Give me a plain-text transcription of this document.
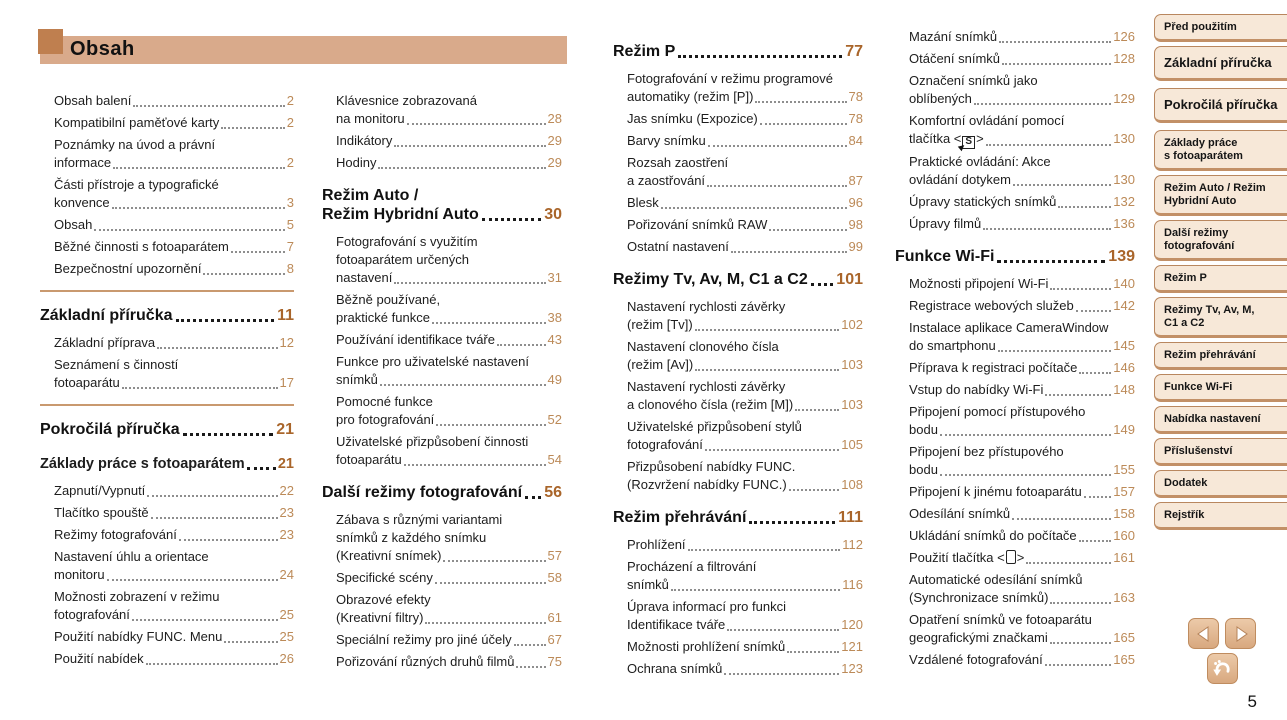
Obsah
Obsah balení	2
Kompatibilní paměťové karty	2
Poznámky na úvod a právní
informace	2
Části přístroje a typografické
konvence	3
Obsah	5
Běžné činnosti s fotoaparátem	7
Bezpečnostní upozornění	8
Základní příručka	11
Základní příprava	12
Seznámení s činností
fotoaparátu	17
Pokročilá příručka	21
Základy práce s fotoaparátem 21
Zapnutí/Vypnutí	22
Tlačítko spouště	23
Režimy fotografování	23
Nastavení úhlu a orientace
monitoru	24
Možnosti zobrazení v režimu
fotografování	25
Použití nabídky FUNC. Menu	25
Použití nabídek	26
Klávesnice zobrazovaná
na monitoru	28
Indikátory	29
Hodiny	29
Režim Auto /
Režim Hybridní Auto	30
Fotografování s využitím
fotoaparátem určených
nastavení	31
Běžně používané,
praktické funkce	38
Používání identifikace tváře	43
Funkce pro uživatelské nastavení
snímků	49
Pomocné funkce
pro fotografování	52
Uživatelské přizpůsobení činnosti
fotoaparátu	54
Další režimy fotografování 56
Zábava s různými variantami
snímků z každého snímku
(Kreativní snímek)	57
Specifické scény	58
Obrazové efekty
(Kreativní filtry)	61
Speciální režimy pro jiné účely	67
Pořizování různých druhů filmů	75
Režim P	77
Fotografování v režimu programové
automatiky (režim [P])	78
Jas snímku (Expozice)	78
Barvy snímku	84
Rozsah zaostření
a zaostřování	87
Blesk	96
Pořizování snímků RAW	98
Ostatní nastavení	99
Režimy Tv, Av, M, C1 a C2 101
Nastavení rychlosti závěrky
(režim [Tv])	102
Nastavení clonového čísla
(režim [Av])	103
Nastavení rychlosti závěrky
a clonového čísla (režim [M])	103
Uživatelské přizpůsobení stylů
fotografování	105
Přizpůsobení nabídky FUNC.
(Rozvržení nabídky FUNC.)	108
Režim přehrávání	111
Prohlížení	112
Procházení a filtrování
snímků	116
Úprava informací pro funkci
Identifikace tváře	120
Možnosti prohlížení snímků	121
Ochrana snímků	123
Mazání snímků	126
Otáčení snímků	128
Označení snímků jako
oblíbených	129
Komfortní ovládání pomocí
tlačítka < S >	130
Praktické ovládání: Akce
ovládání dotykem	130
Úpravy statických snímků	132
Úpravy filmů	136
Funkce Wi-Fi	139
Možnosti připojení Wi-Fi	140
Registrace webových služeb	142
Instalace aplikace CameraWindow
do smartphonu	145
Příprava k registraci počítače	146
Vstup do nabídky Wi-Fi	148
Připojení pomocí přístupového
bodu	149
Připojení bez přístupového
bodu	155
Připojení k jinému fotoaparátu 157
Odesílání snímků	158
Ukládání snímků do počítače	160
Použití tlačítka < >	161
Automatické odesílání snímků
(Synchronizace snímků)	163
Opatření snímků ve fotoaparátu
geografickými značkami	165
Vzdálené fotografování	165
Před použitím
Základní příručka
Pokročilá příručka
Základy práce
s fotoaparátem
Režim Auto / Režim
Hybridní Auto
Další režimy
fotografování
Režim P
Režimy Tv, Av, M,
C1 a C2
Režim přehrávání
Funkce Wi-Fi
Nabídka nastavení
Příslušenství
Dodatek
Rejstřík
5
